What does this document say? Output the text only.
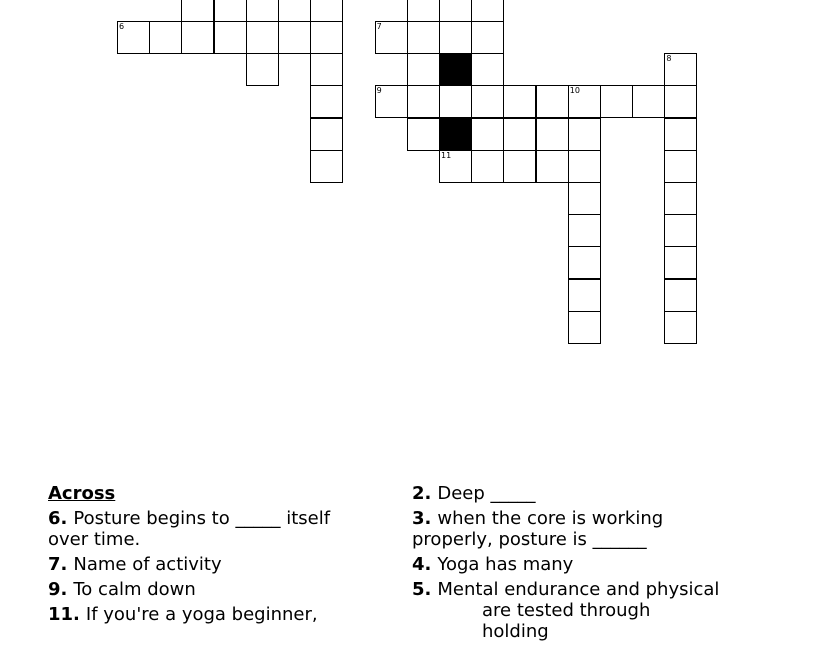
6	7
9	10
11
8
Across
6. Posture begins to _____ itself over time.
7. Name of activity
9. To calm down
11. If you're a yoga beginner,
2. Deep _____
3. when the core is working properly, posture is ______
4. Yoga has many
5. Mental endurance and physical
are tested through holding
